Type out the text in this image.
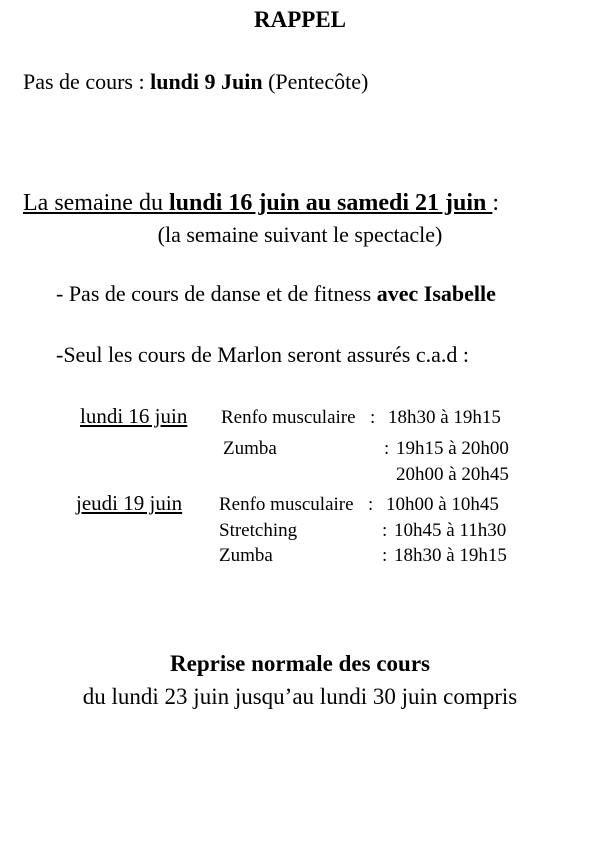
RAPPEL
Pas de cours : lundi 9 Juin (Pentecôte)
La semaine du lundi 16 juin au samedi 21 juin :
(la semaine suivant le spectacle)
- Pas de cours de danse et de fitness avec Isabelle
-Seul les cours de Marlon seront assurés c.a.d :
lundi 16 juin Renfo musculaire : 18h30 à 19h15
Zumba	: 19h15 à 20h00
20h00 à 20h45
jeudi 19 juin Renfo musculaire : 10h00 à 10h45
Stretching	: 10h45 à 11h30
Zumba	: 18h30 à 19h15
Reprise normale des cours
du lundi 23 juin jusqu’au lundi 30 juin compris
